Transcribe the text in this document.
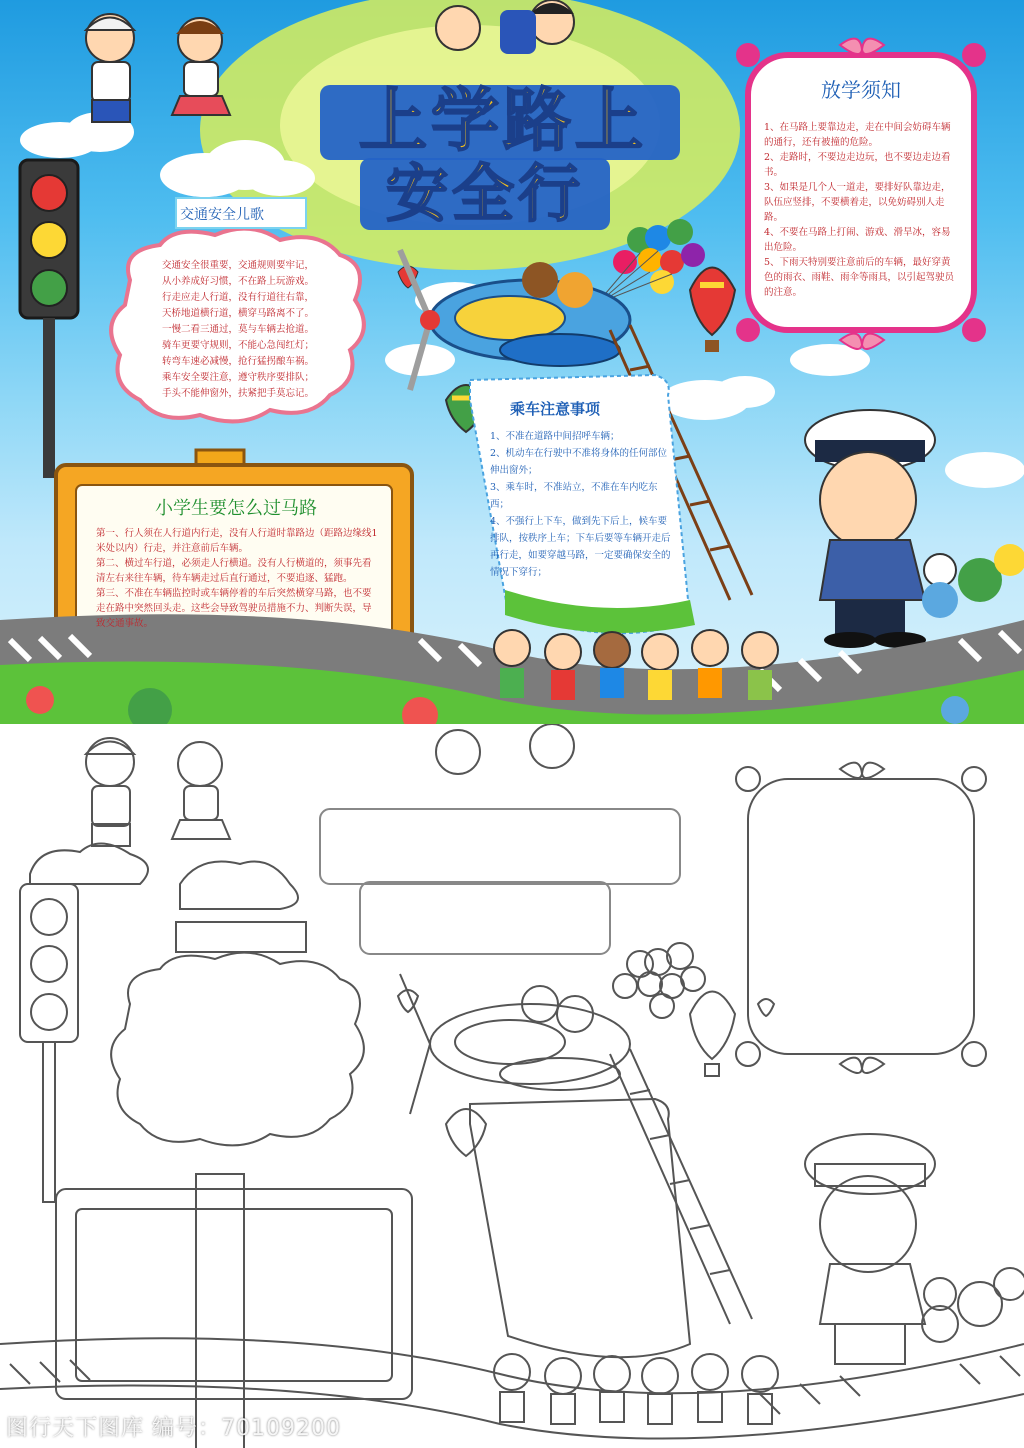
上学路上
安全行
交通安全儿歌
交通安全很重要，交通规则要牢记，
从小养成好习惯，不在路上玩游戏。
行走应走人行道，没有行道往右靠，
天桥地道横行道，横穿马路离不了。
一慢二看三通过，莫与车辆去抢道。
骑车更要守规则，不能心急闯红灯；
转弯车速必减慢，抢行猛拐酿车祸。
乘车安全要注意，遵守秩序要排队；
手头不能伸窗外，扶紧把手莫忘记。
放学须知
1、在马路上要靠边走，走在中间会妨碍车辆的通行，还有被撞的危险。
2、走路时，不要边走边玩，也不要边走边看书。
3、如果是几个人一道走，要排好队靠边走，队伍应竖排，不要横着走，以免妨碍别人走路。
4、不要在马路上打闹、游戏、滑旱冰，容易出危险。
5、下雨天特别要注意前后的车辆，最好穿黄色的雨衣、雨鞋、雨伞等雨具，以引起驾驶员的注意。
乘车注意事项
1、不准在道路中间招呼车辆；
2、机动车在行驶中不准将身体的任何部位伸出窗外；
3、乘车时，不准站立，不准在车内吃东西；
4、不强行上下车，做到先下后上，候车要排队，按秩序上车；下车后要等车辆开走后再行走，如要穿越马路，一定要确保安全的情况下穿行；
小学生要怎么过马路
第一、行人须在人行道内行走，没有人行道时靠路边（距路边缘线1米处以内）行走，并注意前后车辆。
第二、横过车行道，必须走人行横道。没有人行横道的，须事先看清左右来往车辆，待车辆走过后直行通过，不要追逐、猛跑。
第三、不准在车辆监控时或车辆停着的车后突然横穿马路，也不要走在路中突然回头走。这些会导致驾驶员措施不力、判断失误，导致交通事故。
图行天下图库 编号：70109200
